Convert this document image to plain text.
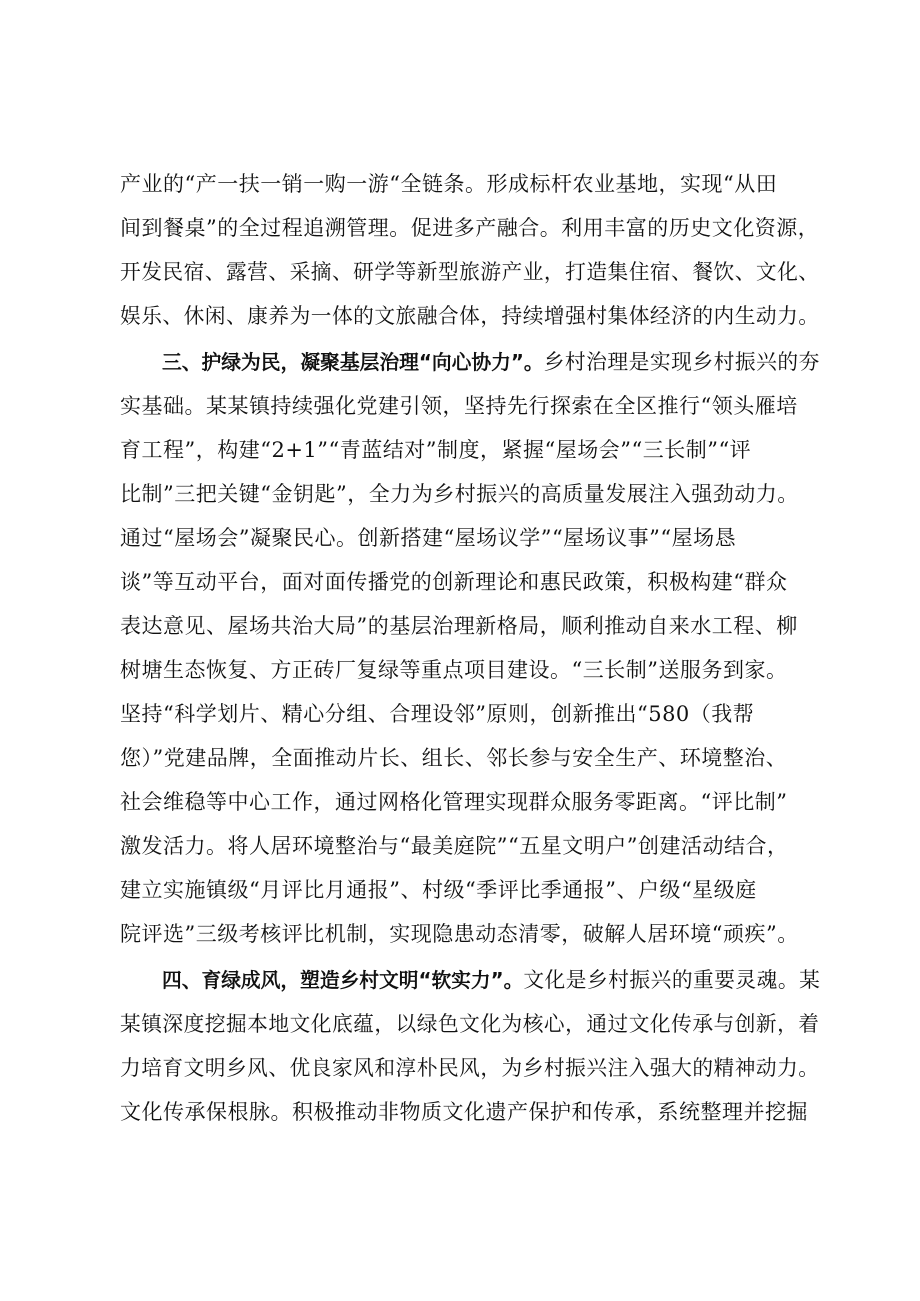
产业的“产一扶一销一购一游“全链条。形成标杆农业基地，实现“从田
间到餐桌”的全过程追溯管理。促进多产融合。利用丰富的历史文化资源，
开发民宿、露营、采摘、研学等新型旅游产业，打造集住宿、餐饮、文化、
娱乐、休闲、康养为一体的文旅融合体，持续增强村集体经济的内生动力。
三、护绿为民，凝聚基层治理“向心协力”。乡村治理是实现乡村振兴的夯
实基础。某某镇持续强化党建引领，坚持先行探索在全区推行“领头雁培
育工程”，构建“2+1”“青蓝结对”制度，紧握“屋场会”“三长制”“评
比制”三把关键“金钥匙”，全力为乡村振兴的高质量发展注入强劲动力。
通过“屋场会”凝聚民心。创新搭建“屋场议学”“屋场议事”“屋场恳
谈”等互动平台，面对面传播党的创新理论和惠民政策，积极构建“群众
表达意见、屋场共治大局”的基层治理新格局，顺利推动自来水工程、柳
树塘生态恢复、方正砖厂复绿等重点项目建设。“三长制”送服务到家。
坚持“科学划片、精心分组、合理设邻”原则，创新推出“580（我帮
您）”党建品牌，全面推动片长、组长、邻长参与安全生产、环境整治、
社会维稳等中心工作，通过网格化管理实现群众服务零距离。“评比制”
激发活力。将人居环境整治与“最美庭院”“五星文明户”创建活动结合，
建立实施镇级“月评比月通报”、村级“季评比季通报”、户级“星级庭
院评选”三级考核评比机制，实现隐患动态清零，破解人居环境“顽疾”。
四、育绿成风，塑造乡村文明“软实力”。文化是乡村振兴的重要灵魂。某
某镇深度挖掘本地文化底蕴，以绿色文化为核心，通过文化传承与创新，着
力培育文明乡风、优良家风和淳朴民风，为乡村振兴注入强大的精神动力。
文化传承保根脉。积极推动非物质文化遗产保护和传承，系统整理并挖掘
